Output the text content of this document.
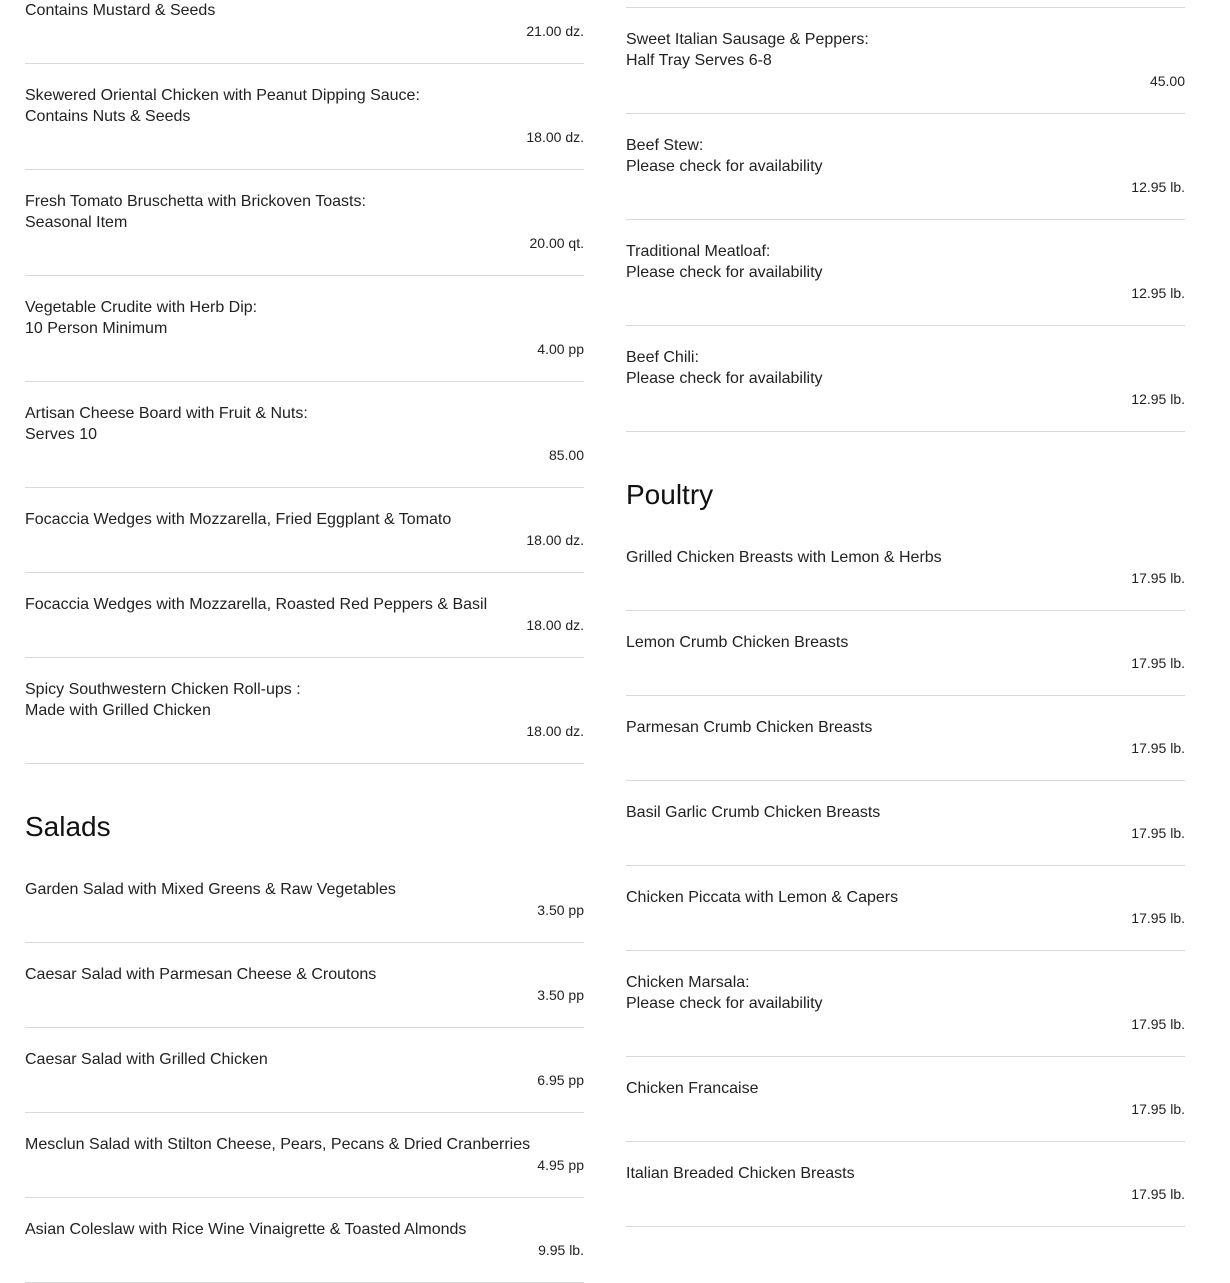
Contains Mustard & Seeds
21.00 dz.
Skewered Oriental Chicken with Peanut Dipping Sauce:
Contains Nuts & Seeds
18.00 dz.
Fresh Tomato Bruschetta with Brickoven Toasts:
Seasonal Item
20.00 qt.
Vegetable Crudite with Herb Dip:
10 Person Minimum
4.00 pp
Artisan Cheese Board with Fruit & Nuts:
Serves 10
85.00
Focaccia Wedges with Mozzarella, Fried Eggplant & Tomato
18.00 dz.
Focaccia Wedges with Mozzarella, Roasted Red Peppers & Basil
18.00 dz.
Spicy Southwestern Chicken Roll-ups :
Made with Grilled Chicken
18.00 dz.
Salads
Garden Salad with Mixed Greens & Raw Vegetables
3.50 pp
Caesar Salad with Parmesan Cheese & Croutons
3.50 pp
Caesar Salad with Grilled Chicken
6.95 pp
Mesclun Salad with Stilton Cheese, Pears, Pecans & Dried Cranberries
4.95 pp
Asian Coleslaw with Rice Wine Vinaigrette & Toasted Almonds
9.95 lb.
Sweet Italian Sausage & Peppers:
Half Tray Serves 6-8
45.00
Beef Stew:
Please check for availability
12.95 lb.
Traditional Meatloaf:
Please check for availability
12.95 lb.
Beef Chili:
Please check for availability
12.95 lb.
Poultry
Grilled Chicken Breasts with Lemon & Herbs
17.95 lb.
Lemon Crumb Chicken Breasts
17.95 lb.
Parmesan Crumb Chicken Breasts
17.95 lb.
Basil Garlic Crumb Chicken Breasts
17.95 lb.
Chicken Piccata with Lemon & Capers
17.95 lb.
Chicken Marsala:
Please check for availability
17.95 lb.
Chicken Francaise
17.95 lb.
Italian Breaded Chicken Breasts
17.95 lb.
